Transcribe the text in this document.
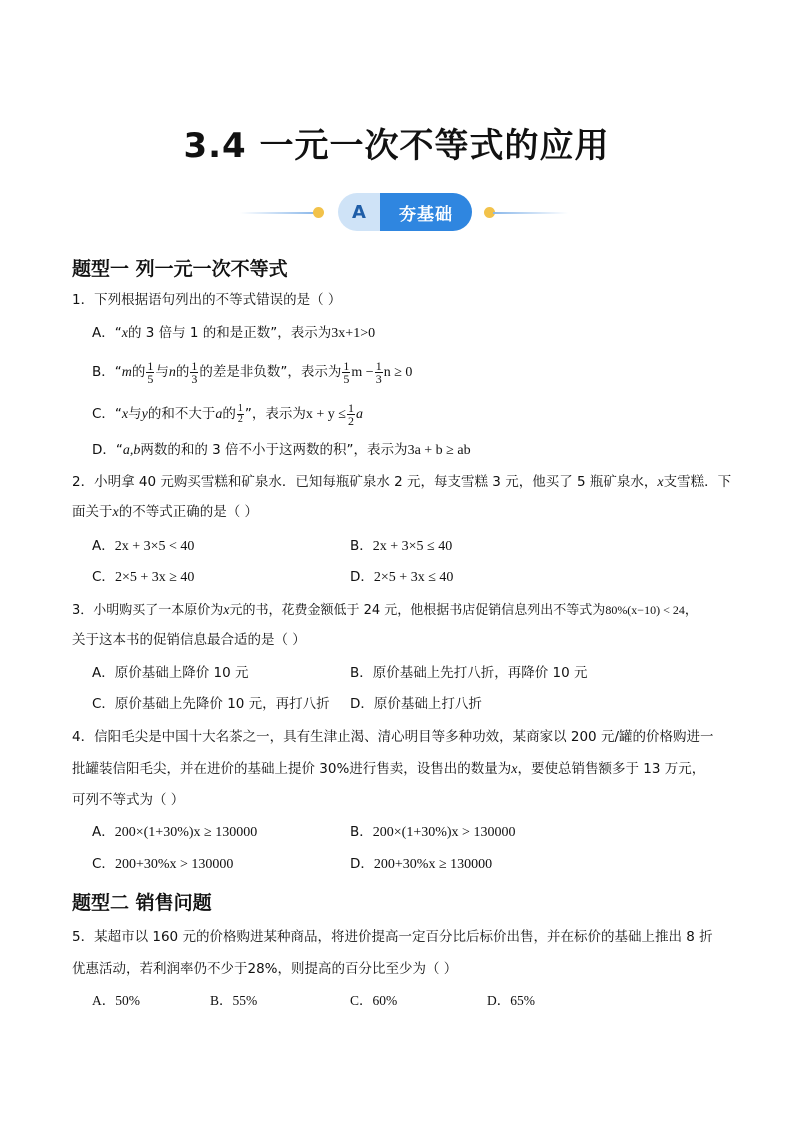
3.4 一元一次不等式的应用
A	夯基础
题型一 列一元一次不等式
1．下列根据语句列出的不等式错误的是（ ）
A．“x的 3 倍与 1 的和是正数”，表示为3x+1>0
B．“m的 $\frac{1}{5}$ 与n的 $\frac{1}{3}$ 的差是非负数”，表示为 $\frac{1}{5}$ $m - \frac{1}{3}$ n ≥ 0
C．“x与y的和不大于a的 $\frac{1}{2}$ ”，表示为$x + y \le \frac{1}{2}$ a
D．“a,b两数的和的 3 倍不小于这两数的积”，表示为3a + b ≥ ab
2．小明拿 40 元购买雪糕和矿泉水．已知每瓶矿泉水 2 元，每支雪糕 3 元，他买了 5 瓶矿泉水，x支雪糕．下
面关于x的不等式正确的是（ ）
A．2x + 3×5 < 40	B．2x + 3×5 ≤ 40
C．2×5 + 3x ≥ 40	D．2×5 + 3x ≤ 40
3．小明购买了一本原价为x元的书，花费金额低于 24 元，他根据书店促销信息列出不等式为80%(x−10) < 24，
关于这本书的促销信息最合适的是（ ）
A．原价基础上降价 10 元	B．原价基础上先打八折，再降价 10 元
C．原价基础上先降价 10 元，再打八折 D．原价基础上打八折
4．信阳毛尖是中国十大名茶之一，具有生津止渴、清心明目等多种功效，某商家以 200 元/罐的价格购进一
批罐装信阳毛尖，并在进价的基础上提价 30%进行售卖，设售出的数量为x，要使总销售额多于 13 万元，
可列不等式为（ ）
A．200×(1+30%)x ≥ 130000	B．200×(1+30%)x > 130000
C．200+30%x > 130000	D．200+30%x ≥ 130000
题型二 销售问题
5．某超市以 160 元的价格购进某种商品，将进价提高一定百分比后标价出售，并在标价的基础上推出 8 折
优惠活动，若利润率仍不少于28%，则提高的百分比至少为（ ）
A．50%	B．55%	C．60%	D．65%
